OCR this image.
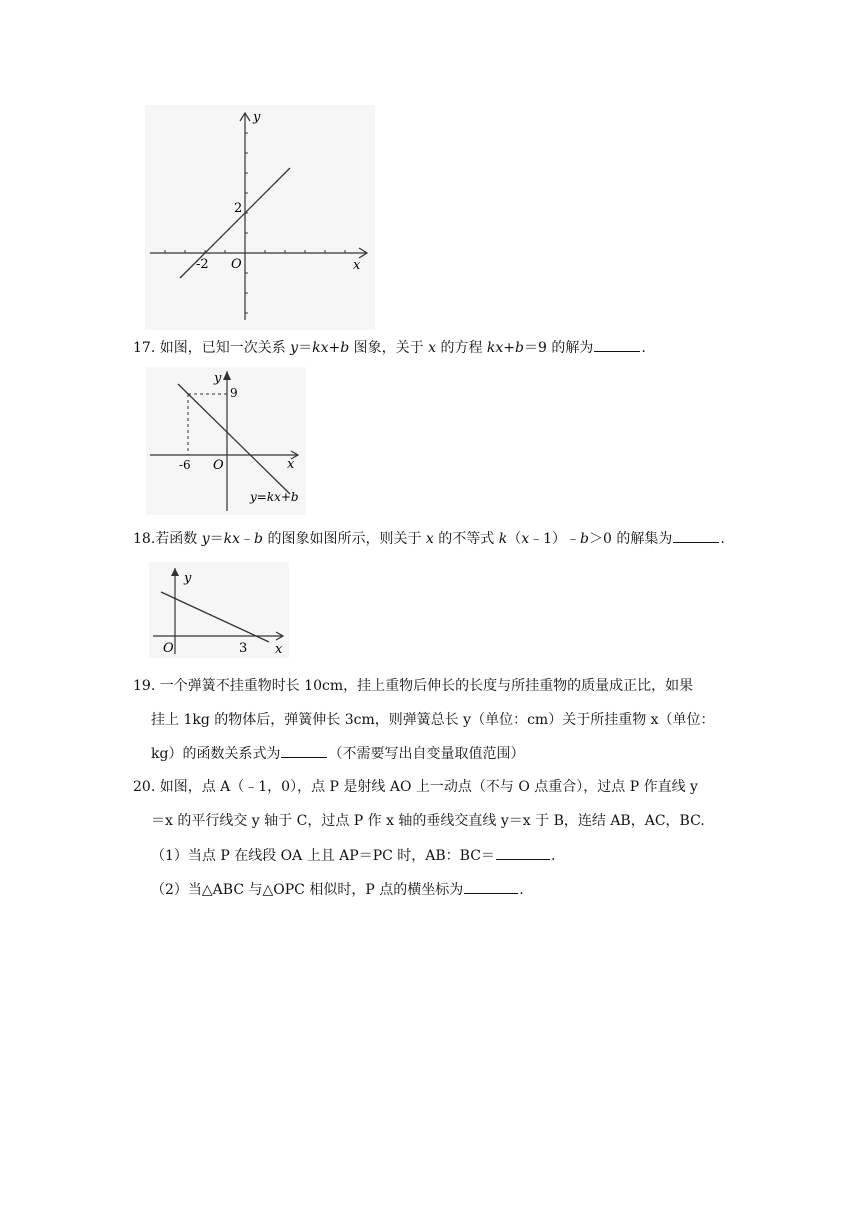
y
x
O
-2
2
17. 如图，已知一次关系 y＝kx+b 图象，关于 x 的方程 kx+b＝9 的解为	.
y
9
-6 O	x
y=kx+b
18.若函数 y＝kx﹣b 的图象如图所示，则关于 x 的不等式 k（x﹣1）﹣b＞0 的解集为	.
y
O	3 x
19. 一个弹簧不挂重物时长 10cm，挂上重物后伸长的长度与所挂重物的质量成正比，如果
挂上 1kg 的物体后，弹簧伸长 3cm，则弹簧总长 y（单位：cm）关于所挂重物 x（单位：
kg）的函数关系式为	（不需要写出自变量取值范围）
20. 如图，点 A（﹣1，0），点 P 是射线 AO 上一动点（不与 O 点重合），过点 P 作直线 y
＝x 的平行线交 y 轴于 C，过点 P 作 x 轴的垂线交直线 y＝x 于 B，连结 AB，AC，BC.
（1）当点 P 在线段 OA 上且 AP＝PC 时，AB：BC＝	.
（2）当△ABC 与△OPC 相似时，P 点的横坐标为	.
